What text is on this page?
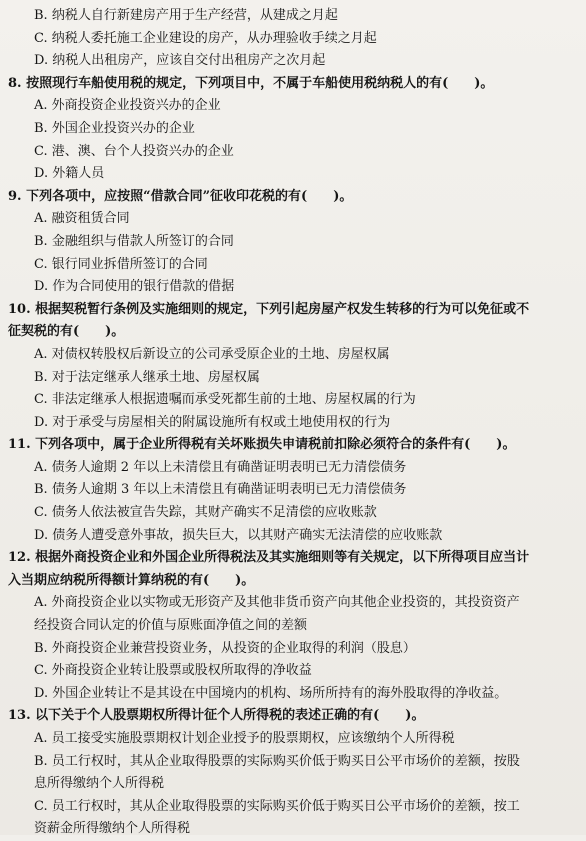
B. 纳税人自行新建房产用于生产经营，从建成之月起
C. 纳税人委托施工企业建设的房产，从办理验收手续之月起
D. 纳税人出租房产，应该自交付出租房产之次月起
8. 按照现行车船使用税的规定，下列项目中，不属于车船使用税纳税人的有(　　)。
A. 外商投资企业投资兴办的企业
B. 外国企业投资兴办的企业
C. 港、澳、台个人投资兴办的企业
D. 外籍人员
9. 下列各项中，应按照“借款合同”征收印花税的有(　　)。
A. 融资租赁合同
B. 金融组织与借款人所签订的合同
C. 银行同业拆借所签订的合同
D. 作为合同使用的银行借款的借据
10. 根据契税暂行条例及实施细则的规定，下列引起房屋产权发生转移的行为可以免征或不
征契税的有(　　)。
A. 对债权转股权后新设立的公司承受原企业的土地、房屋权属
B. 对于法定继承人继承土地、房屋权属
C. 非法定继承人根据遗嘱而承受死都生前的土地、房屋权属的行为
D. 对于承受与房屋相关的附属设施所有权或土地使用权的行为
11. 下列各项中，属于企业所得税有关坏账损失申请税前扣除必须符合的条件有(　　)。
A. 债务人逾期 2 年以上未清偿且有确凿证明表明已无力清偿债务
B. 债务人逾期 3 年以上未清偿且有确凿证明表明已无力清偿债务
C. 债务人依法被宣告失踪，其财产确实不足清偿的应收账款
D. 债务人遭受意外事故，损失巨大，以其财产确实无法清偿的应收账款
12. 根据外商投资企业和外国企业所得税法及其实施细则等有关规定，以下所得项目应当计
入当期应纳税所得额计算纳税的有(　　)。
A. 外商投资企业以实物或无形资产及其他非货币资产向其他企业投资的，其投资资产
经投资合同认定的价值与原账面净值之间的差额
B. 外商投资企业兼营投资业务，从投资的企业取得的利润（股息）
C. 外商投资企业转让股票或股权所取得的净收益
D. 外国企业转让不是其设在中国境内的机构、场所所持有的海外股取得的净收益。
13. 以下关于个人股票期权所得计征个人所得税的表述正确的有(　　)。
A. 员工接受实施股票期权计划企业授予的股票期权，应该缴纳个人所得税
B. 员工行权时，其从企业取得股票的实际购买价低于购买日公平市场价的差额，按股
息所得缴纳个人所得税
C. 员工行权时，其从企业取得股票的实际购买价低于购买日公平市场价的差额，按工
资薪金所得缴纳个人所得税
